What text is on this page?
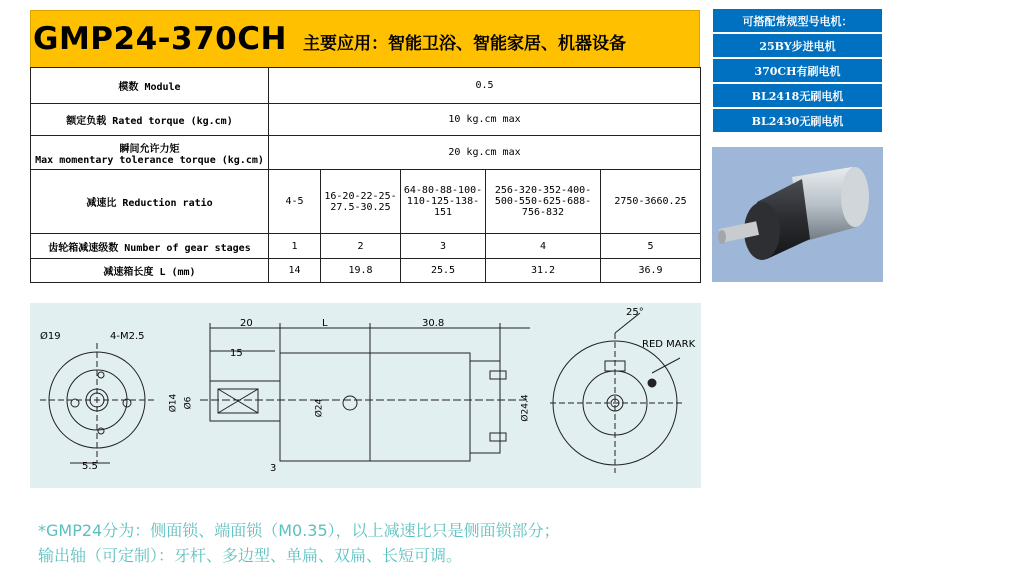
GMP24-370CH 主要应用：智能卫浴、智能家居、机器设备
模数 Module	0.5				
额定负载 Rated torque (kg.cm)	10 kg.cm max				

瞬间允许力矩
Max momentary tolerance torque (kg.cm)	20 kg.cm max				
减速比 Reduction ratio	4-5	16-20-22-25-27.5-30.25	64-80-88-100-110-125-138-151	256-320-352-400-500-550-625-688-756-832	2750-3660.25
齿轮箱减速级数 Number of gear stages	1	2	3	4	5
减速箱长度 L (mm)	14	19.8	25.5	31.2	36.9
可搭配常规型号电机：
25BY步进电机
370CH有刷电机
BL2418无刷电机
BL2430无刷电机
Ø19	4-M2.5
5.5
20	L	30.8
15
Ø14 Ø6	Ø24	Ø24.4
3
25°
RED MARK
*GMP24分为：侧面锁、端面锁（M0.35），以上减速比只是侧面锁部分；
输出轴（可定制）：牙杆、多边型、单扁、双扁、长短可调。
